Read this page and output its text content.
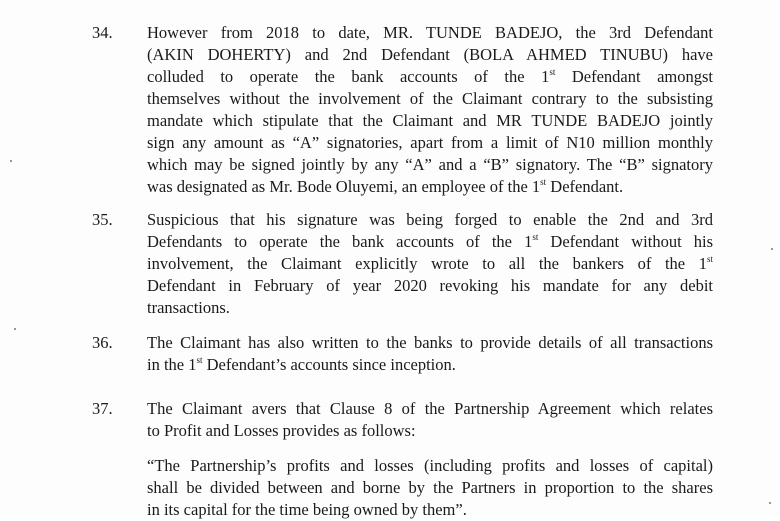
34.	However from 2018 to date, MR. TUNDE BADEJO, the 3rd Defendant
(AKIN DOHERTY) and 2nd Defendant (BOLA AHMED TINUBU) have
colluded to operate the bank accounts of the 1st Defendant amongst
themselves without the involvement of the Claimant contrary to the subsisting
mandate which stipulate that the Claimant and MR TUNDE BADEJO jointly
sign any amount as “A” signatories, apart from a limit of N10 million monthly
which may be signed jointly by any “A” and a “B” signatory. The “B” signatory
was designated as Mr. Bode Oluyemi, an employee of the 1st Defendant.
35.	Suspicious that his signature was being forged to enable the 2nd and 3rd
Defendants to operate the bank accounts of the 1st Defendant without his
involvement, the Claimant explicitly wrote to all the bankers of the 1st
Defendant in February of year 2020 revoking his mandate for any debit
transactions.
36.	The Claimant has also written to the banks to provide details of all transactions
in the 1st Defendant’s accounts since inception.
37.	The Claimant avers that Clause 8 of the Partnership Agreement which relates
to Profit and Losses provides as follows:
“The Partnership’s profits and losses (including profits and losses of capital)
shall be divided between and borne by the Partners in proportion to the shares
in its capital for the time being owned by them”.
